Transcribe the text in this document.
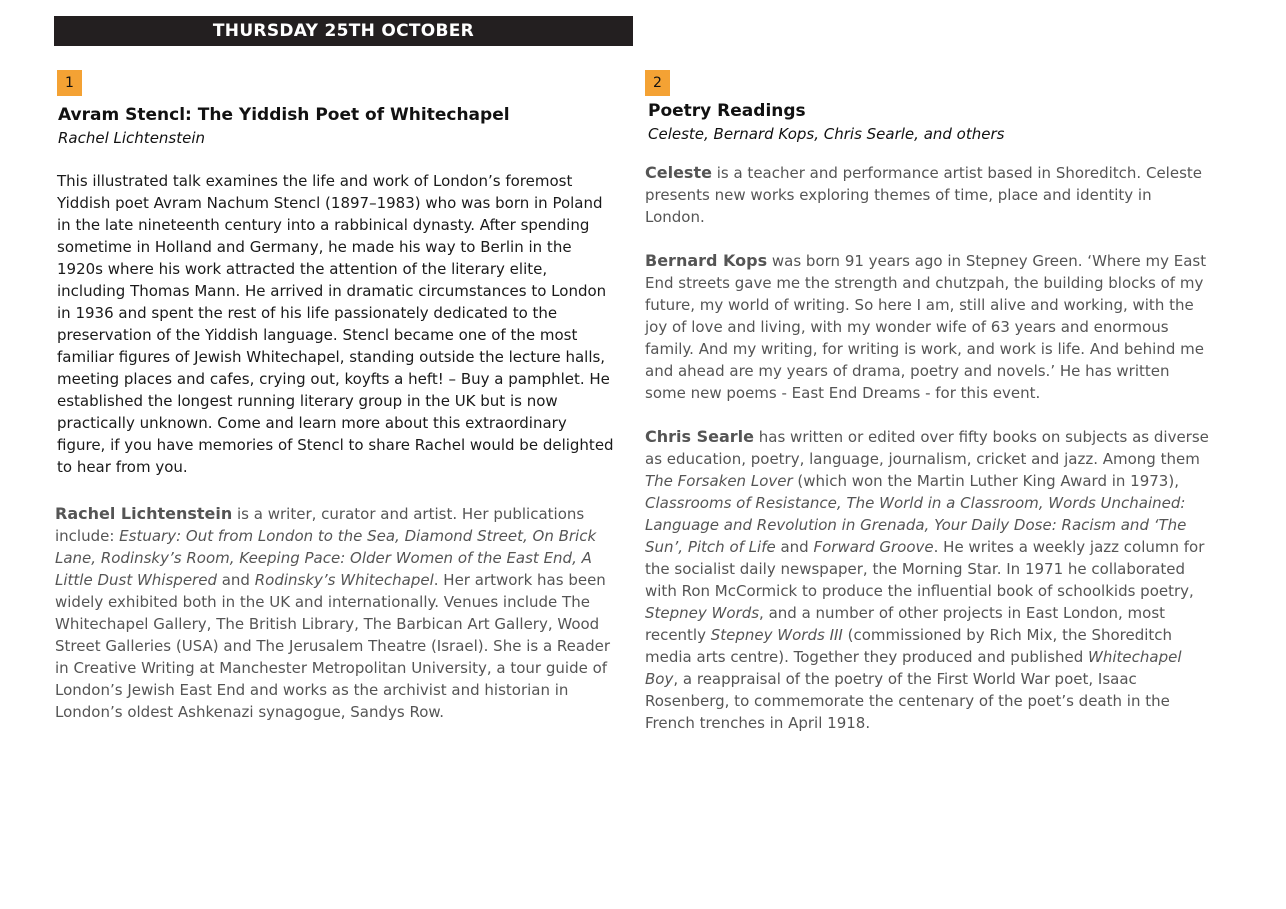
THURSDAY 25TH OCTOBER
1
Avram Stencl: The Yiddish Poet of Whitechapel
Rachel Lichtenstein

This illustrated talk examines the life and work of London’s foremost Yiddish poet Avram Nachum Stencl (1897–1983) who was born in Poland in the late nineteenth century into a rabbinical dynasty. After spending sometime in Holland and Germany, he made his way to Berlin in the 1920s where his work attracted the attention of the literary elite, including Thomas Mann. He arrived in dramatic circumstances to London in 1936 and spent the rest of his life passionately dedicated to the preservation of the Yiddish language. Stencl became one of the most familiar figures of Jewish Whitechapel, standing outside the lecture halls, meeting places and cafes, crying out, koyfts a heft! – Buy a pamphlet. He established the longest running literary group in the UK but is now practically unknown. Come and learn more about this extraordinary figure, if you have memories of Stencl to share Rachel would be delighted to hear from you.

Rachel Lichtenstein is a writer, curator and artist. Her publications include: Estuary: Out from London to the Sea, Diamond Street, On Brick Lane, Rodinsky’s Room, Keeping Pace: Older Women of the East End, A Little Dust Whispered and Rodinsky’s Whitechapel. Her artwork has been widely exhibited both in the UK and internationally. Venues include The Whitechapel Gallery, The British Library, The Barbican Art Gallery, Wood Street Galleries (USA) and The Jerusalem Theatre (Israel). She is a Reader in Creative Writing at Manchester Metropolitan University, a tour guide of London’s Jewish East End and works as the archivist and historian in London’s oldest Ashkenazi synagogue, Sandys Row.

2
Poetry Readings
Celeste, Bernard Kops, Chris Searle, and others

Celeste is a teacher and performance artist based in Shoreditch. Celeste presents new works exploring themes of time, place and identity in London.

Bernard Kops was born 91 years ago in Stepney Green. ‘Where my East End streets gave me the strength and chutzpah, the building blocks of my future, my world of writing. So here I am, still alive and working, with the joy of love and living, with my wonder wife of 63 years and enormous family. And my writing, for writing is work, and work is life. And behind me and ahead are my years of drama, poetry and novels.’ He has written some new poems - East End Dreams - for this event.

Chris Searle has written or edited over fifty books on subjects as diverse as education, poetry, language, journalism, cricket and jazz. Among them The Forsaken Lover (which won the Martin Luther King Award in 1973), Classrooms of Resistance, The World in a Classroom, Words Unchained: Language and Revolution in Grenada, Your Daily Dose: Racism and ‘The Sun’, Pitch of Life and Forward Groove. He writes a weekly jazz column for the socialist daily newspaper, the Morning Star. In 1971 he collaborated with Ron McCormick to produce the influential book of schoolkids poetry, Stepney Words, and a number of other projects in East London, most recently Stepney Words III (commissioned by Rich Mix, the Shoreditch media arts centre). Together they produced and published Whitechapel Boy, a reappraisal of the poetry of the First World War poet, Isaac Rosenberg, to commemorate the centenary of the poet’s death in the French trenches in April 1918.
